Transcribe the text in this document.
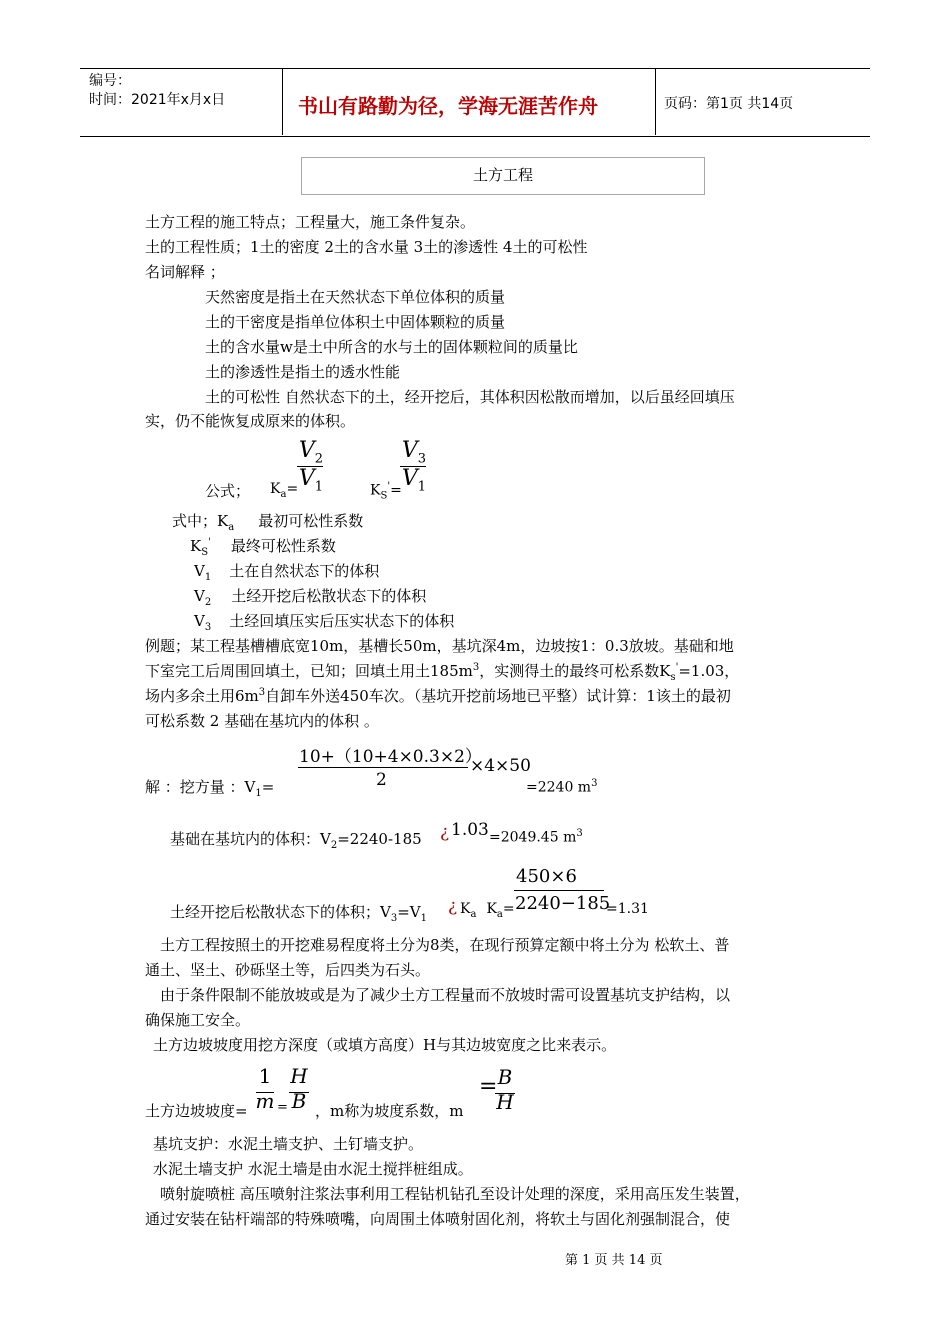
编号：
时间：2021年x月x日	书山有路勤为径，学海无涯苦作舟	页码：第1页 共14页
土方工程
土方工程的施工特点；工程量大，施工条件复杂。
土的工程性质；1土的密度 2土的含水量 3土的渗透性 4土的可松性
名词解释 ；
天然密度是指土在天然状态下单位体积的质量
土的干密度是指单位体积土中固体颗粒的质量
土的含水量w是土中所含的水与土的固体颗粒间的质量比
土的渗透性是指土的透水性能
土的可松性 自然状态下的土，经开挖后，其体积因松散而增加，以后虽经回填压
实，仍不能恢复成原来的体积。
公式； $K_a=$
$V_2$
$V_1$	$K_S'=$
$V_3$
$V_1$
式中；$K_a$ 最初可松性系数
$K_S'$ 最终可松性系数
$V_1$ 土在自然状态下的体积
$V_2$ 土经开挖后松散状态下的体积
$V_3$ 土经回填压实后压实状态下的体积
例题；某工程基槽槽底宽10m，基槽长50m，基坑深4m，边坡按1：0.3放坡。基础和地
下室完工后周围回填土，已知；回填土用土$185m^3$，实测得土的最终可松系数$K_s'=1.03$，
场内多余土用$6m^3$自卸车外送450车次。（基坑开挖前场地已平整）试计算：1该土的最初
可松系数 2 基础在基坑内的体积 。
解 ：挖方量 ：$V_1=$
10+（10+4×0.3×2）
×4×50
2	=2240 $m^3$
基础在基坑内的体积：$V_2=2240-185$ ¿ 1.03 =2049.45 $m^3$
土经开挖后松散状态下的体积；$V_3=V_1$
¿ $K_a$ $K_a=$
450×6
2240−185
=1.31
土方工程按照土的开挖难易程度将土分为8类，在现行预算定额中将土分为 松软土、普
通土、坚土、砂砾坚土等，后四类为石头。
由于条件限制不能放坡或是为了减少土方工程量而不放坡时需可设置基坑支护结构，以
确保施工安全。
土方边坡坡度用挖方深度（或填方高度）H与其边坡宽度之比来表示。
土方边坡坡度=
1
m =
H
B ，m称为坡度系数，m
= B
H
基坑支护：水泥土墙支护、土钉墙支护。
水泥土墙支护 水泥土墙是由水泥土搅拌桩组成。
喷射旋喷桩 高压喷射注浆法事利用工程钻机钻孔至设计处理的深度，采用高压发生装置，
通过安装在钻杆端部的特殊喷嘴，向周围土体喷射固化剂，将软土与固化剂强制混合，使
第 1 页 共 14 页
